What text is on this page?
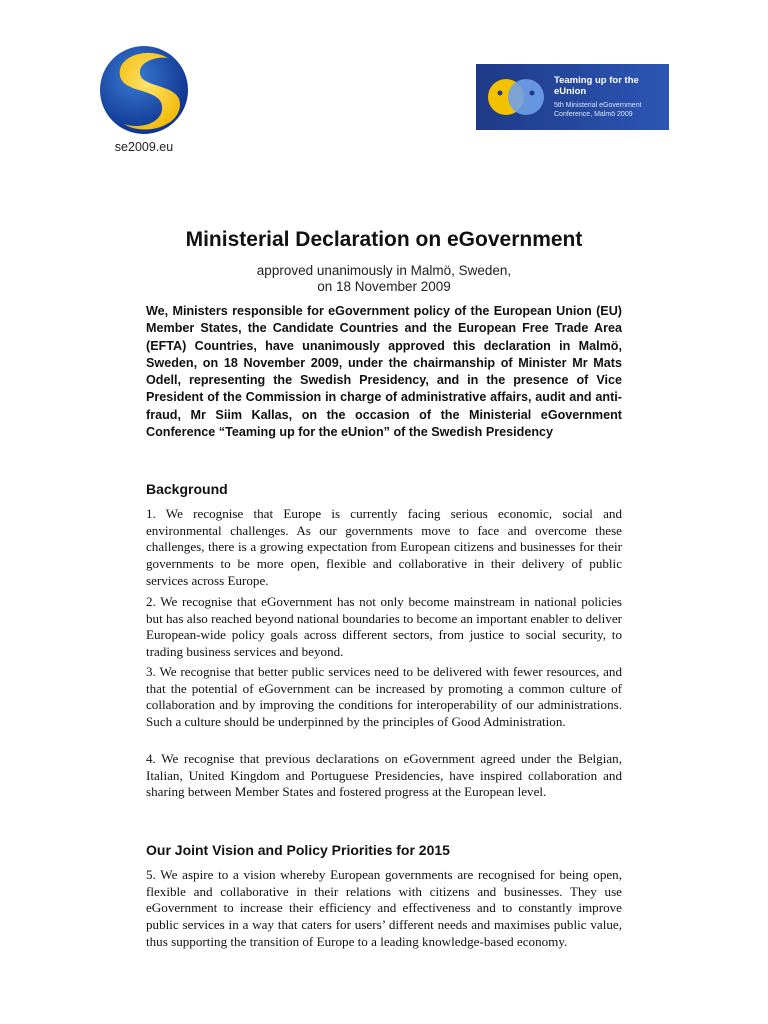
se2009.eu
Teaming up for the eUnion
5th Ministerial eGovernment
Conference, Malmö 2009
Ministerial Declaration on eGovernment
approved unanimously in Malmö, Sweden,
on 18 November 2009

We, Ministers responsible for eGovernment policy of the European Union (EU) Member States, the Candidate Countries and the European Free Trade Area (EFTA) Countries, have unanimously approved this declaration in Malmö, Sweden, on 18 November 2009, under the chairmanship of Minister Mr Mats Odell, representing the Swedish Presidency, and in the presence of Vice President of the Commission in charge of administrative affairs, audit and anti-fraud, Mr Siim Kallas, on the occasion of the Ministerial eGovernment Conference “Teaming up for the eUnion” of the Swedish Presidency

Background

1. We recognise that Europe is currently facing serious economic, social and environmental challenges. As our governments move to face and overcome these challenges, there is a growing expectation from European citizens and businesses for their governments to be more open, flexible and collaborative in their delivery of public services across Europe.

2. We recognise that eGovernment has not only become mainstream in national policies but has also reached beyond national boundaries to become an important enabler to deliver European-wide policy goals across different sectors, from justice to social security, to trading business services and beyond.

3. We recognise that better public services need to be delivered with fewer resources, and that the potential of eGovernment can be increased by promoting a common culture of collaboration and by improving the conditions for interoperability of our administrations. Such a culture should be underpinned by the principles of Good Administration.

4. We recognise that previous declarations on eGovernment agreed under the Belgian, Italian, United Kingdom and Portuguese Presidencies, have inspired collaboration and sharing between Member States and fostered progress at the European level.

Our Joint Vision and Policy Priorities for 2015

5. We aspire to a vision whereby European governments are recognised for being open, flexible and collaborative in their relations with citizens and businesses. They use eGovernment to increase their efficiency and effectiveness and to constantly improve public services in a way that caters for users’ different needs and maximises public value, thus supporting the transition of Europe to a leading knowledge-based economy.
